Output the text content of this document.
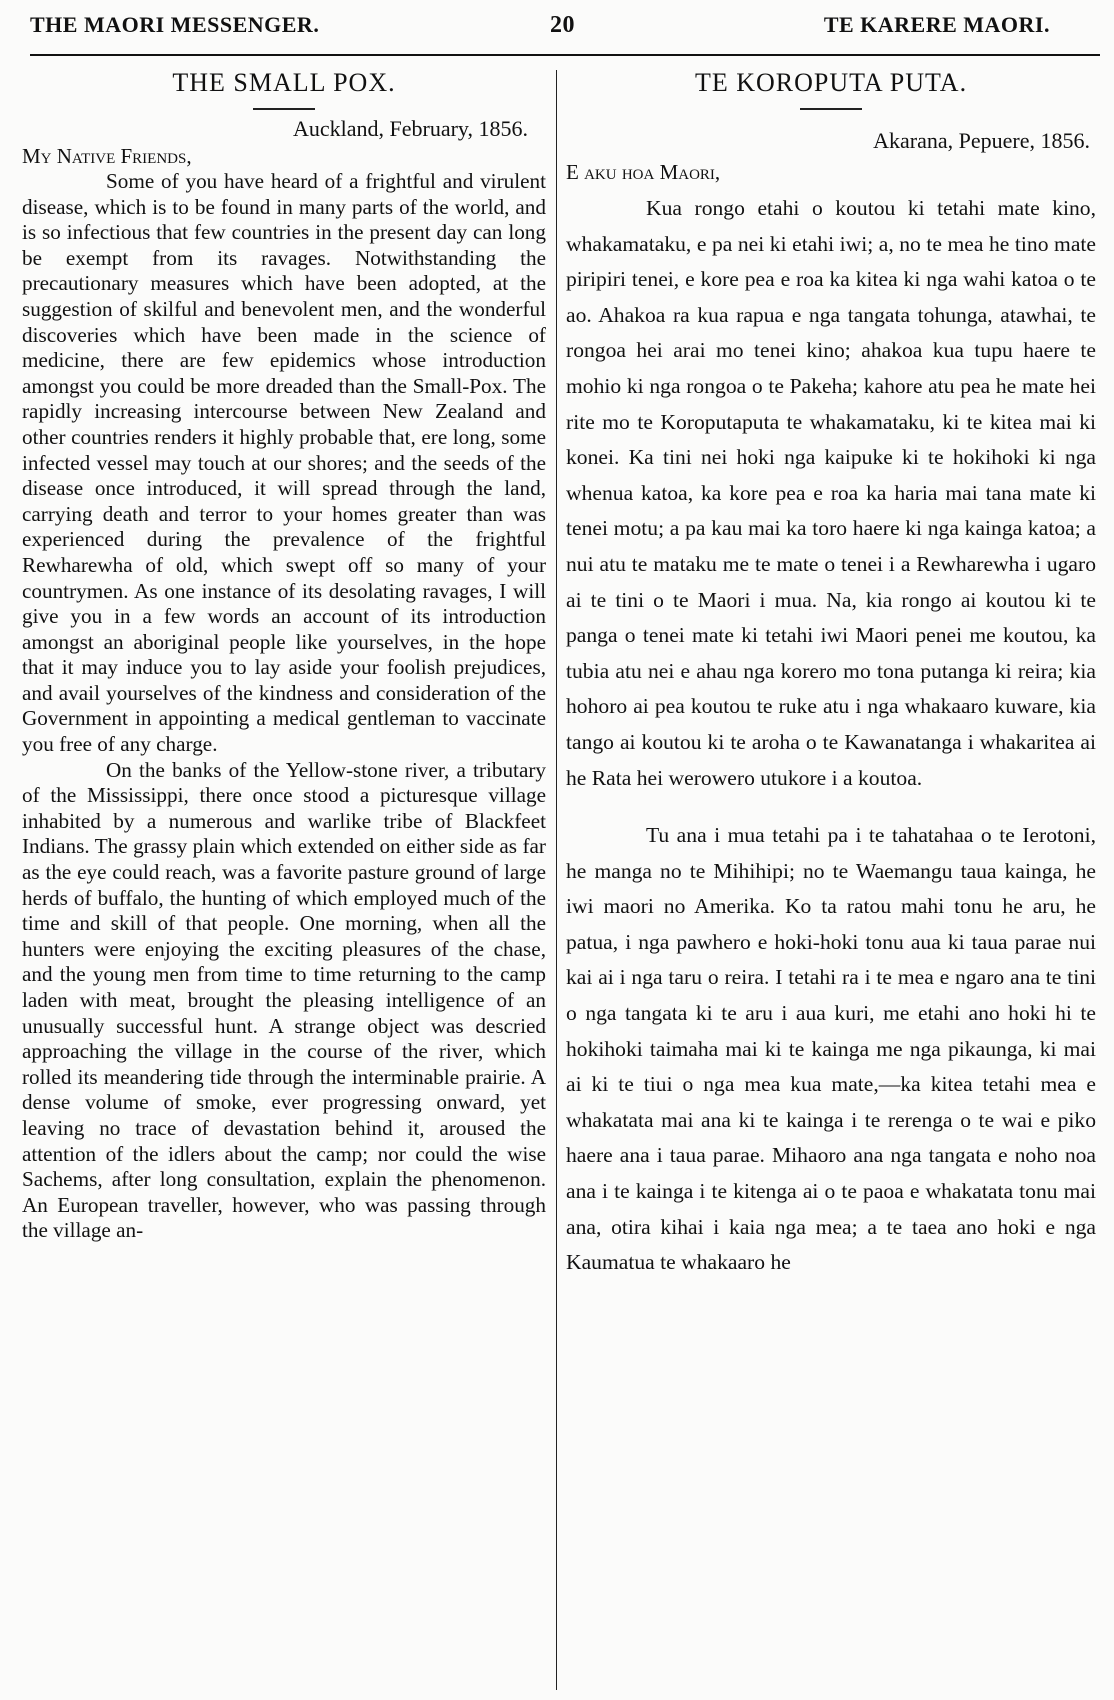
THE MAORI MESSENGER.	20	TE KARERE MAORI.
THE SMALL POX.
Auckland, February, 1856.
My Native Friends,

Some of you have heard of a frightful and virulent disease, which is to be found in many parts of the world, and is so infectious that few countries in the present day can long be exempt from its ravages. Notwithstanding the precautionary measures which have been adopted, at the suggestion of skilful and benevolent men, and the wonderful discoveries which have been made in the science of medicine, there are few epidemics whose introduction amongst you could be more dreaded than the Small-Pox. The rapidly increasing intercourse between New Zealand and other countries renders it highly probable that, ere long, some infected vessel may touch at our shores; and the seeds of the disease once introduced, it will spread through the land, carrying death and terror to your homes greater than was experienced during the prevalence of the frightful Rewharewha of old, which swept off so many of your countrymen. As one instance of its desolating ravages, I will give you in a few words an account of its introduction amongst an aboriginal people like yourselves, in the hope that it may induce you to lay aside your foolish prejudices, and avail yourselves of the kindness and consideration of the Government in appointing a medical gentleman to vaccinate you free of any charge.

On the banks of the Yellow-stone river, a tributary of the Mississippi, there once stood a picturesque village inhabited by a numerous and warlike tribe of Blackfeet Indians. The grassy plain which extended on either side as far as the eye could reach, was a favorite pasture ground of large herds of buffalo, the hunting of which employed much of the time and skill of that people. One morning, when all the hunters were enjoying the exciting pleasures of the chase, and the young men from time to time returning to the camp laden with meat, brought the pleasing intelligence of an unusually successful hunt. A strange object was descried approaching the village in the course of the river, which rolled its meandering tide through the interminable prairie. A dense volume of smoke, ever progressing onward, yet leaving no trace of devastation behind it, aroused the attention of the idlers about the camp; nor could the wise Sachems, after long consultation, explain the phenomenon. An European traveller, however, who was passing through the village an-

TE KOROPUTA PUTA.
Akarana, Pepuere, 1856.
E aku hoa Maori,

Kua rongo etahi o koutou ki tetahi mate kino, whakamataku, e pa nei ki etahi iwi; a, no te mea he tino mate piripiri tenei, e kore pea e roa ka kitea ki nga wahi katoa o te ao. Ahakoa ra kua rapua e nga tangata tohunga, atawhai, te rongoa hei arai mo tenei kino; ahakoa kua tupu haere te mohio ki nga rongoa o te Pakeha; kahore atu pea he mate hei rite mo te Koroputaputa te whakamataku, ki te kitea mai ki konei. Ka tini nei hoki nga kaipuke ki te hokihoki ki nga whenua katoa, ka kore pea e roa ka haria mai tana mate ki tenei motu; a pa kau mai ka toro haere ki nga kainga katoa; a nui atu te mataku me te mate o tenei i a Rewharewha i ugaro ai te tini o te Maori i mua. Na, kia rongo ai koutou ki te panga o tenei mate ki tetahi iwi Maori penei me koutou, ka tubia atu nei e ahau nga korero mo tona putanga ki reira; kia hohoro ai pea koutou te ruke atu i nga whakaaro kuware, kia tango ai koutou ki te aroha o te Kawanatanga i whakaritea ai he Rata hei werowero utukore i a koutoa.

Tu ana i mua tetahi pa i te tahatahaa o te Ierotoni, he manga no te Mihihipi; no te Waemangu taua kainga, he iwi maori no Amerika. Ko ta ratou mahi tonu he aru, he patua, i nga pawhero e hoki-hoki tonu aua ki taua parae nui kai ai i nga taru o reira. I tetahi ra i te mea e ngaro ana te tini o nga tangata ki te aru i aua kuri, me etahi ano hoki hi te hokihoki taimaha mai ki te kainga me nga pikaunga, ki mai ai ki te tiui o nga mea kua mate,—ka kitea tetahi mea e whakatata mai ana ki te kainga i te rerenga o te wai e piko haere ana i taua parae. Mihaoro ana nga tangata e noho noa ana i te kainga i te kitenga ai o te paoa e whakatata tonu mai ana, otira kihai i kaia nga mea; a te taea ano hoki e nga Kaumatua te whakaaro he
